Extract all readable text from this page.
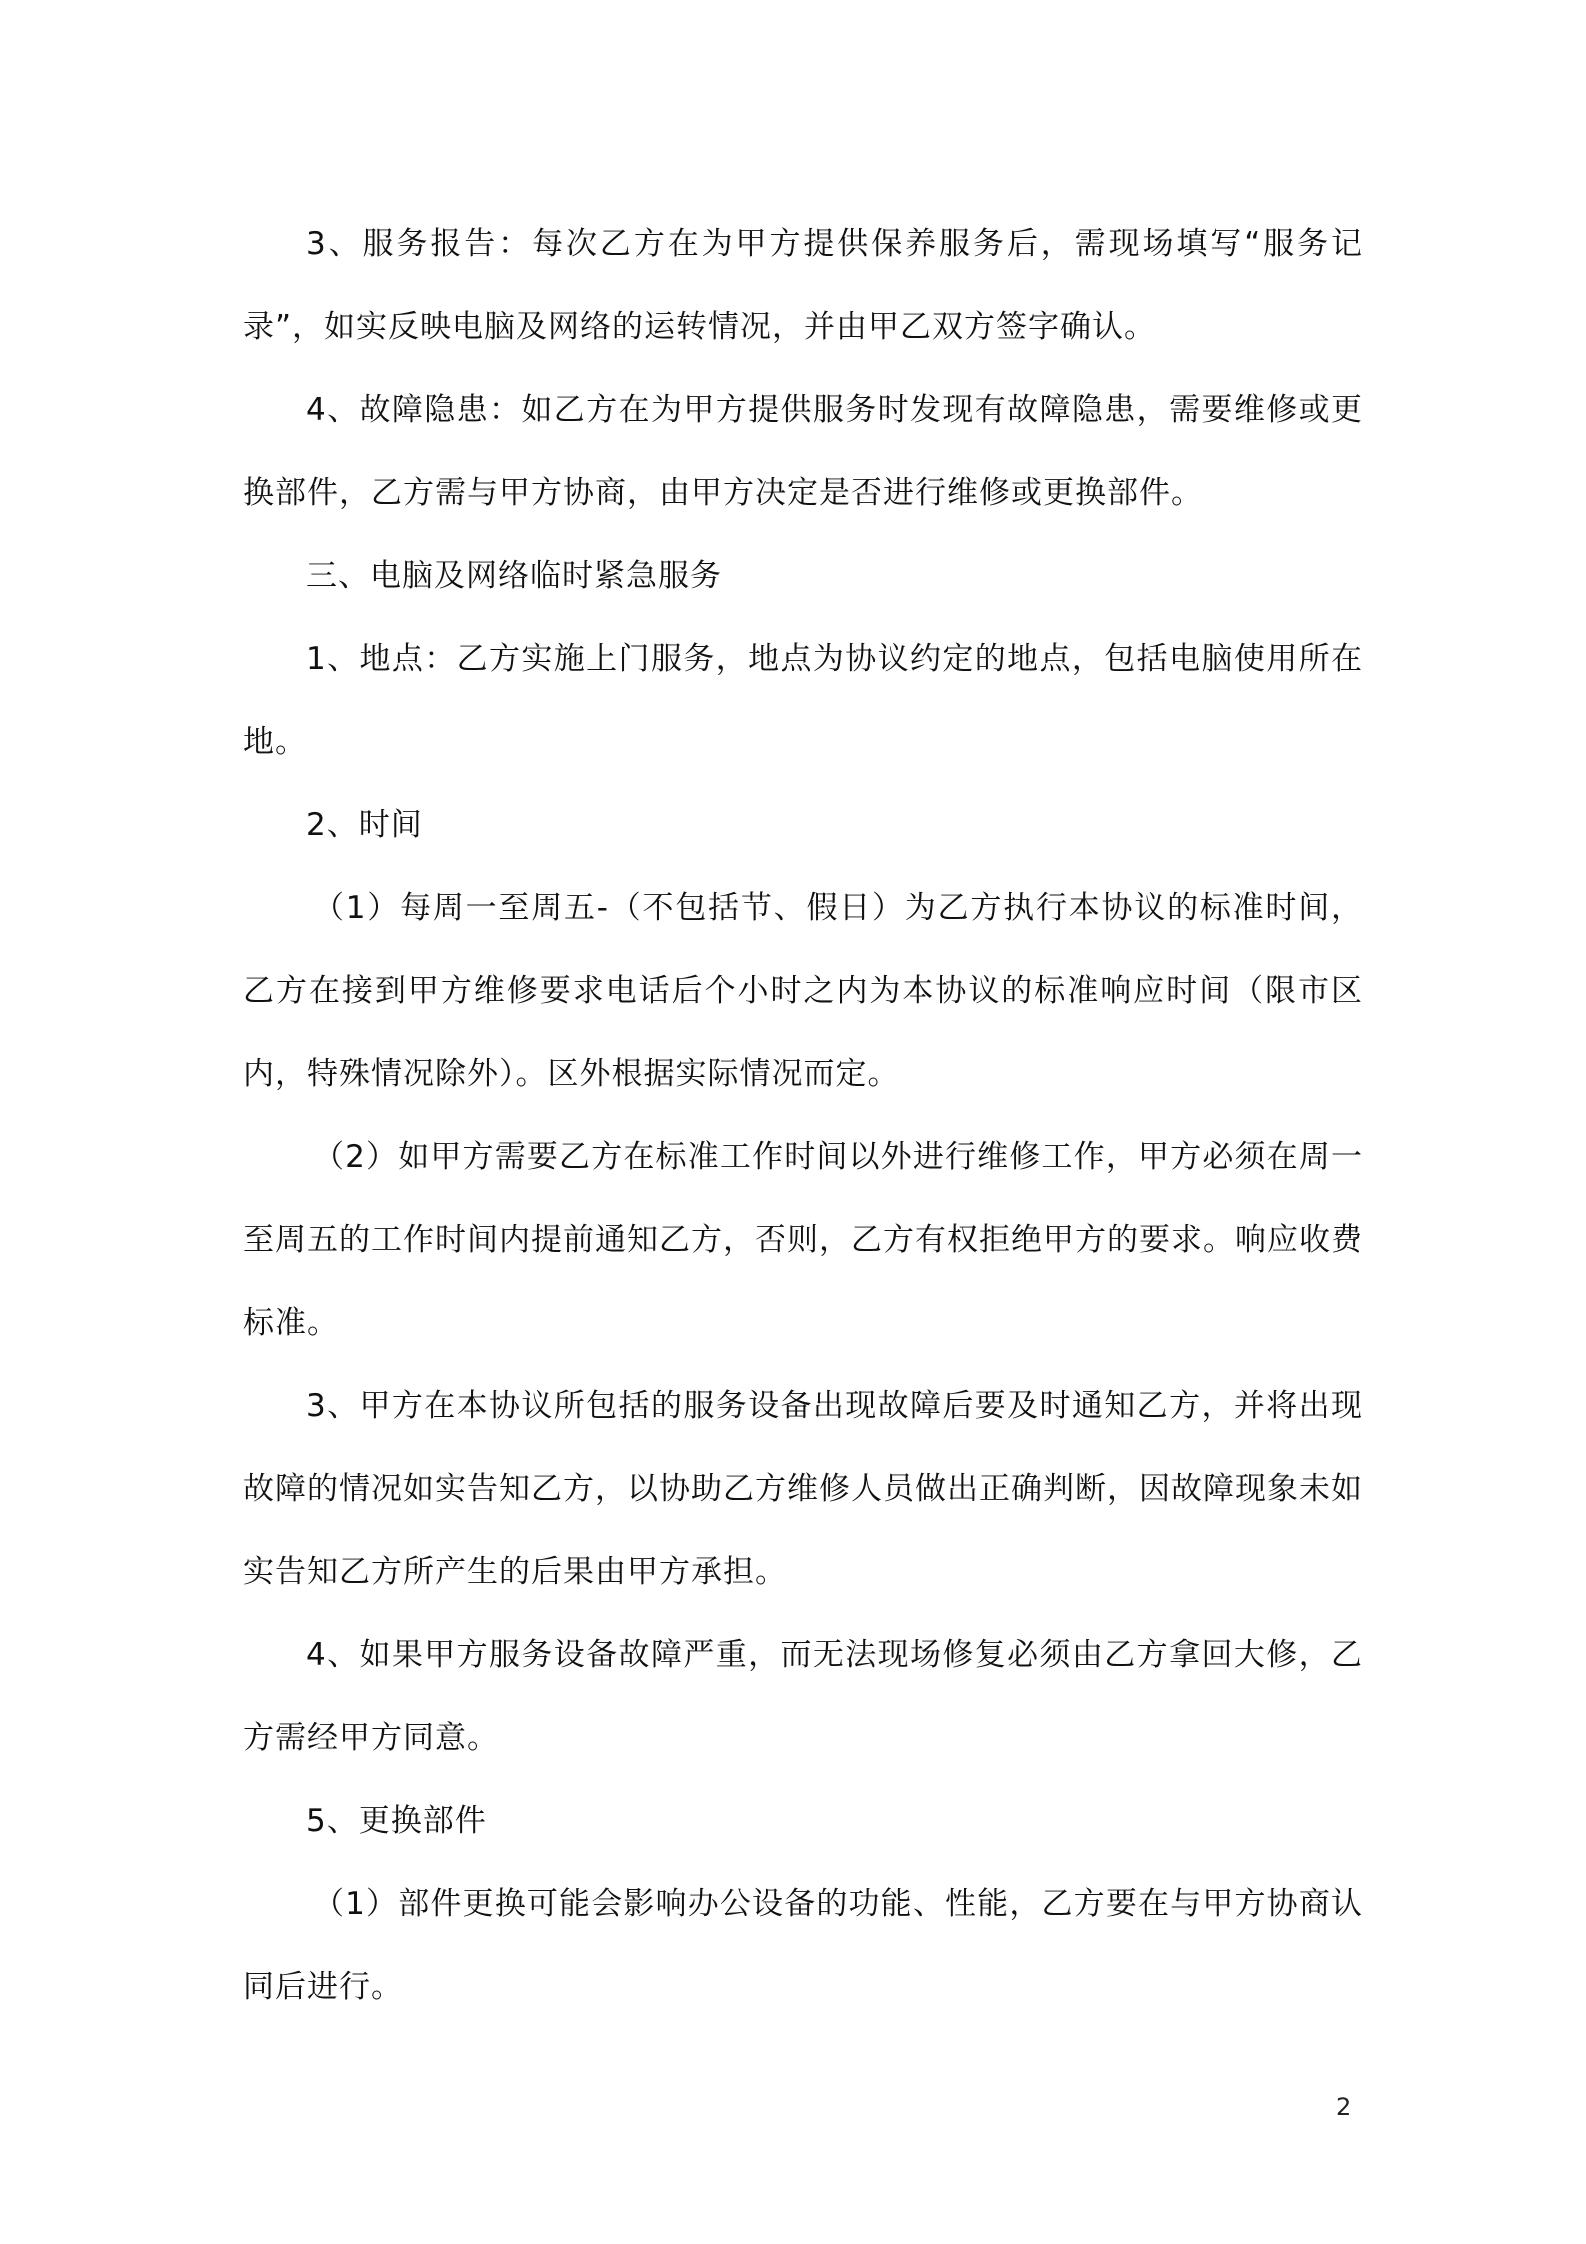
3、服务报告：每次乙方在为甲方提供保养服务后，需现场填写“服务记录”，如实反映电脑及网络的运转情况，并由甲乙双方签字确认。

4、故障隐患：如乙方在为甲方提供服务时发现有故障隐患，需要维修或更换部件，乙方需与甲方协商，由甲方决定是否进行维修或更换部件。

三、电脑及网络临时紧急服务

1、地点：乙方实施上门服务，地点为协议约定的地点，包括电脑使用所在地。

2、时间

（1）每周一至周五-（不包括节、假日）为乙方执行本协议的标准时间，乙方在接到甲方维修要求电话后个小时之内为本协议的标准响应时间（限市区内，特殊情况除外）。区外根据实际情况而定。

（2）如甲方需要乙方在标准工作时间以外进行维修工作，甲方必须在周一至周五的工作时间内提前通知乙方，否则，乙方有权拒绝甲方的要求。响应收费标准。

3、甲方在本协议所包括的服务设备出现故障后要及时通知乙方，并将出现故障的情况如实告知乙方，以协助乙方维修人员做出正确判断，因故障现象未如实告知乙方所产生的后果由甲方承担。

4、如果甲方服务设备故障严重，而无法现场修复必须由乙方拿回大修，乙方需经甲方同意。

5、更换部件

（1）部件更换可能会影响办公设备的功能、性能，乙方要在与甲方协商认同后进行。

2
